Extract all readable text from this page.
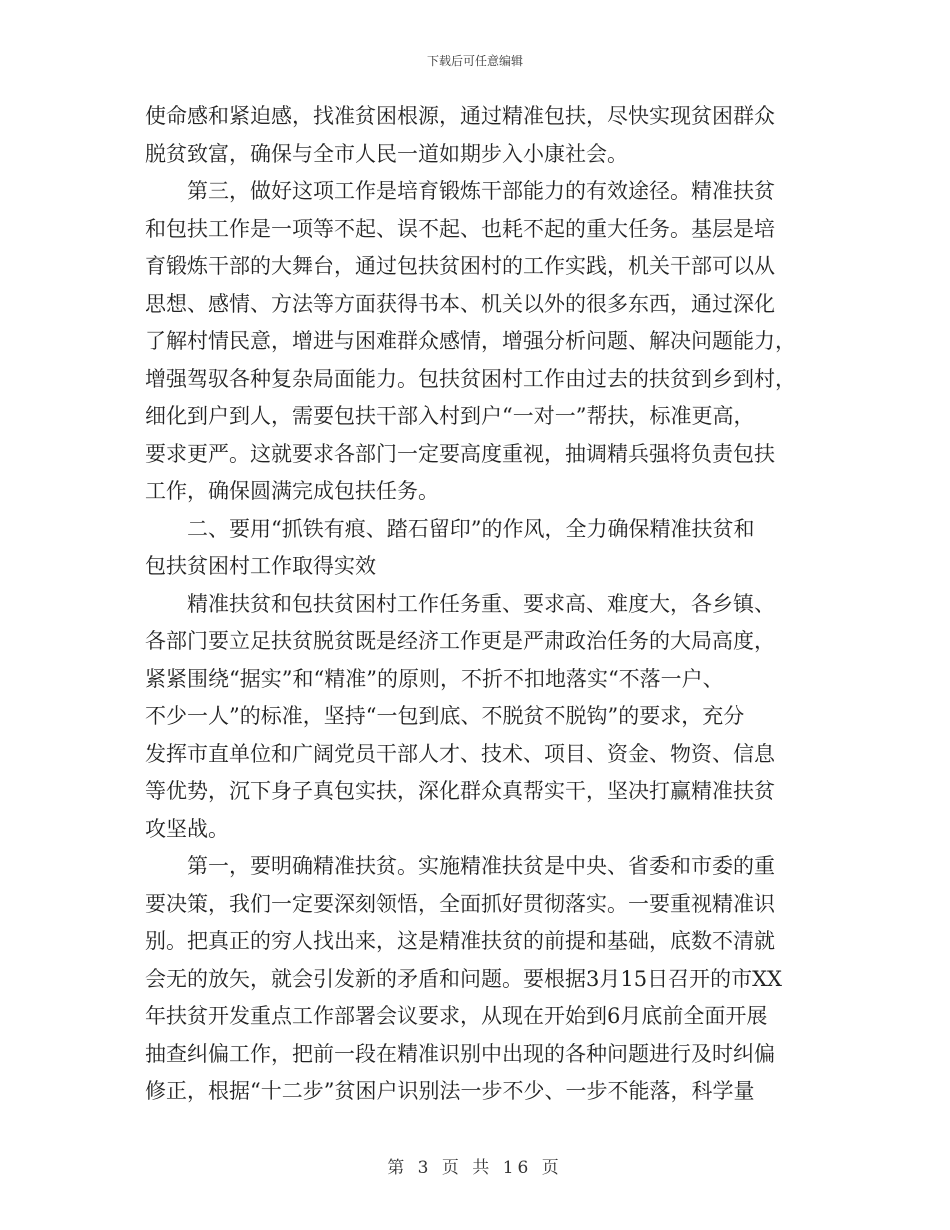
下载后可任意编辑
使命感和紧迫感，找准贫困根源，通过精准包扶，尽快实现贫困群众
脱贫致富，确保与全市人民一道如期步入小康社会。
第三，做好这项工作是培育锻炼干部能力的有效途径。精准扶贫
和包扶工作是一项等不起、误不起、也耗不起的重大任务。基层是培
育锻炼干部的大舞台，通过包扶贫困村的工作实践，机关干部可以从
思想、感情、方法等方面获得书本、机关以外的很多东西，通过深化
了解村情民意，增进与困难群众感情，增强分析问题、解决问题能力，
增强驾驭各种复杂局面能力。包扶贫困村工作由过去的扶贫到乡到村，
细化到户到人，需要包扶干部入村到户“一对一”帮扶，标准更高，
要求更严。这就要求各部门一定要高度重视，抽调精兵强将负责包扶
工作，确保圆满完成包扶任务。
二、要用“抓铁有痕、踏石留印”的作风，全力确保精准扶贫和
包扶贫困村工作取得实效
精准扶贫和包扶贫困村工作任务重、要求高、难度大，各乡镇、
各部门要立足扶贫脱贫既是经济工作更是严肃政治任务的大局高度，
紧紧围绕“据实”和“精准”的原则，不折不扣地落实“不落一户、
不少一人”的标准，坚持“一包到底、不脱贫不脱钩”的要求，充分
发挥市直单位和广阔党员干部人才、技术、项目、资金、物资、信息
等优势，沉下身子真包实扶，深化群众真帮实干，坚决打赢精准扶贫
攻坚战。
第一，要明确精准扶贫。实施精准扶贫是中央、省委和市委的重
要决策，我们一定要深刻领悟，全面抓好贯彻落实。一要重视精准识
别。把真正的穷人找出来，这是精准扶贫的前提和基础，底数不清就
会无的放矢，就会引发新的矛盾和问题。要根据3月15日召开的市XX
年扶贫开发重点工作部署会议要求，从现在开始到6月底前全面开展
抽查纠偏工作，把前一段在精准识别中出现的各种问题进行及时纠偏
修正，根据“十二步”贫困户识别法一步不少、一步不能落，科学量
第 3 页 共 16 页
